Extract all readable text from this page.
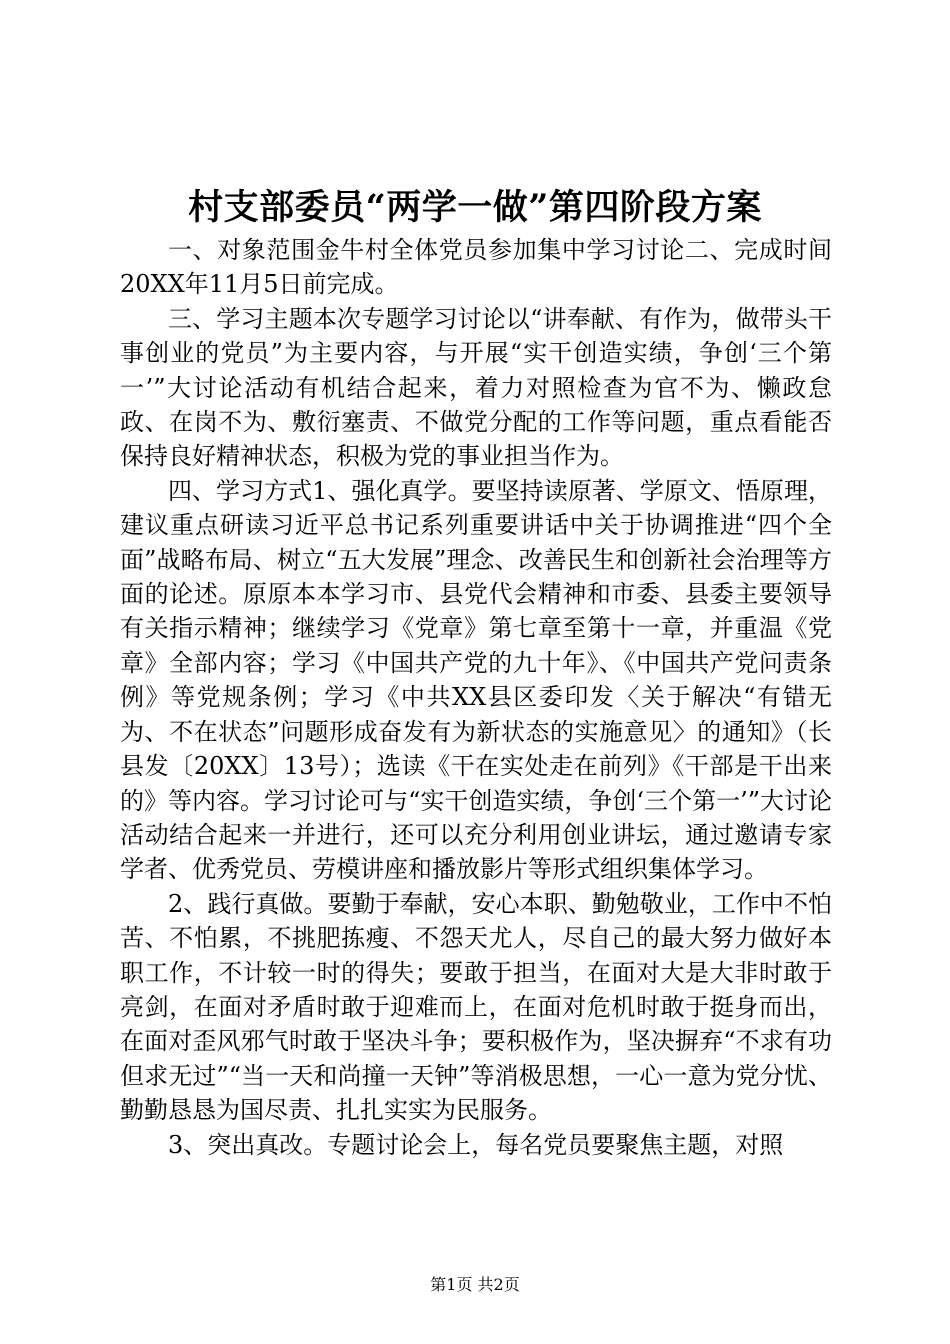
村支部委员“两学一做”第四阶段方案

一、对象范围金牛村全体党员参加集中学习讨论二、完成时间20XX年11月5日前完成。

三、学习主题本次专题学习讨论以“讲奉献、有作为，做带头干事创业的党员”为主要内容，与开展“实干创造实绩，争创‘三个第一’”大讨论活动有机结合起来，着力对照检查为官不为、懒政怠政、在岗不为、敷衍塞责、不做党分配的工作等问题，重点看能否保持良好精神状态，积极为党的事业担当作为。

四、学习方式1、强化真学。要坚持读原著、学原文、悟原理，建议重点研读习近平总书记系列重要讲话中关于协调推进“四个全面”战略布局、树立“五大发展”理念、改善民生和创新社会治理等方面的论述。原原本本学习市、县党代会精神和市委、县委主要领导有关指示精神；继续学习《党章》第七章至第十一章，并重温《党章》全部内容；学习《中国共产党的九十年》、《中国共产党问责条例》等党规条例；学习《中共XX县区委印发〈关于解决“有错无为、不在状态”问题形成奋发有为新状态的实施意见〉的通知》（长县发〔20XX〕13号）；选读《干在实处走在前列》《干部是干出来的》等内容。学习讨论可与“实干创造实绩，争创‘三个第一’”大讨论活动结合起来一并进行，还可以充分利用创业讲坛，通过邀请专家学者、优秀党员、劳模讲座和播放影片等形式组织集体学习。

2、践行真做。要勤于奉献，安心本职、勤勉敬业，工作中不怕苦、不怕累，不挑肥拣瘦、不怨天尤人，尽自己的最大努力做好本职工作，不计较一时的得失；要敢于担当，在面对大是大非时敢于亮剑，在面对矛盾时敢于迎难而上，在面对危机时敢于挺身而出，在面对歪风邪气时敢于坚决斗争；要积极作为，坚决摒弃“不求有功但求无过”“当一天和尚撞一天钟”等消极思想，一心一意为党分忧、勤勤恳恳为国尽责、扎扎实实为民服务。

3、突出真改。专题讨论会上，每名党员要聚焦主题，对照

第1页 共2页
